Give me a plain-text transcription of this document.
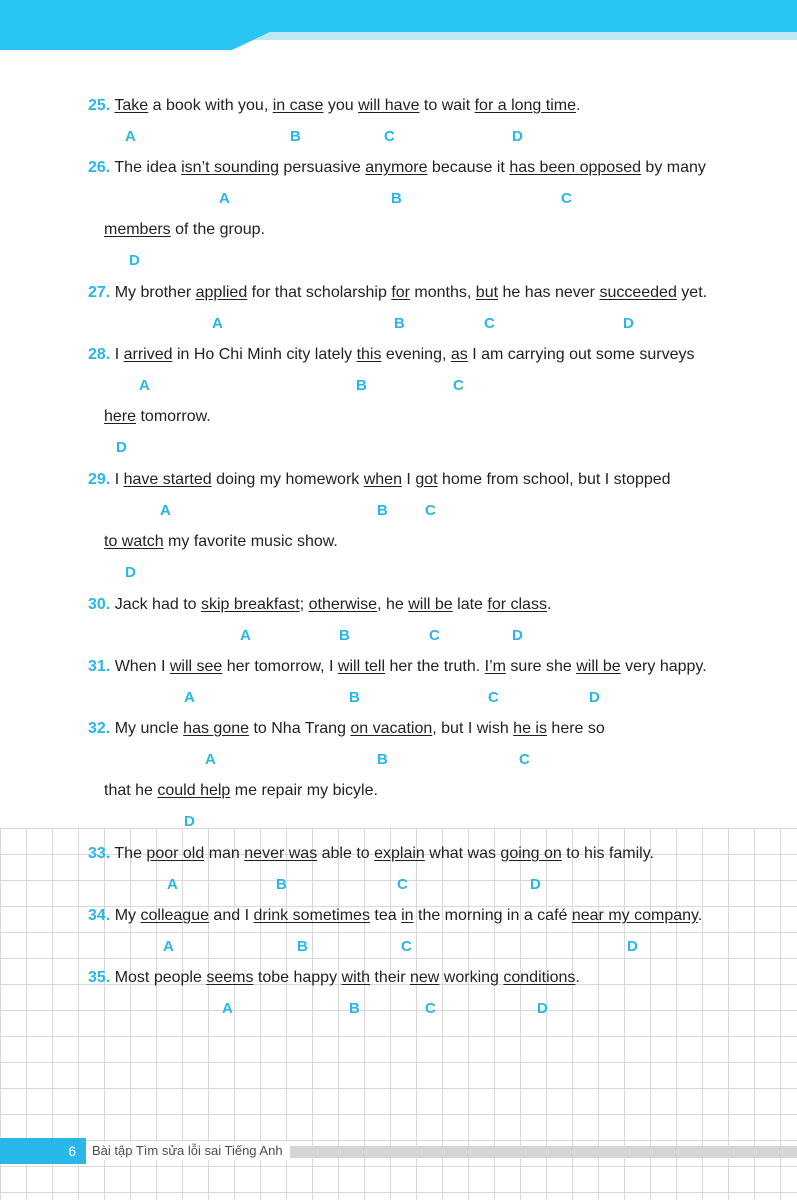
25. Take a book with you, in case you will have to wait for a long time.
A	B	C	D
26. The idea isn’t sounding persuasive anymore because it has been opposed by many
A	B	C
members of the group.
D
27. My brother applied for that scholarship for months, but he has never succeeded yet.
A	B	C	D
28. I arrived in Ho Chi Minh city lately this evening, as I am carrying out some surveys
A	B	C
here tomorrow.
D
29. I have started doing my homework when I got home from school, but I stopped
A	B C
to watch my favorite music show.
D
30. Jack had to skip breakfast; otherwise, he will be late for class.
A	B	C	D
31. When I will see her tomorrow, I will tell her the truth. I’m sure she will be very happy.
A	B	C	D
32. My uncle has gone to Nha Trang on vacation, but I wish he is here so
A	B	C
that he could help me repair my bicyle.
D
33. The poor old man never was able to explain what was going on to his family.
A	B	C	D
34. My colleague and I drink sometimes tea in the morning in a café near my company.
A	B	C	D
35. Most people seems tobe happy with their new working conditions.
A	B	C	D
6	Bài tập Tìm sửa lỗi sai Tiếng Anh
